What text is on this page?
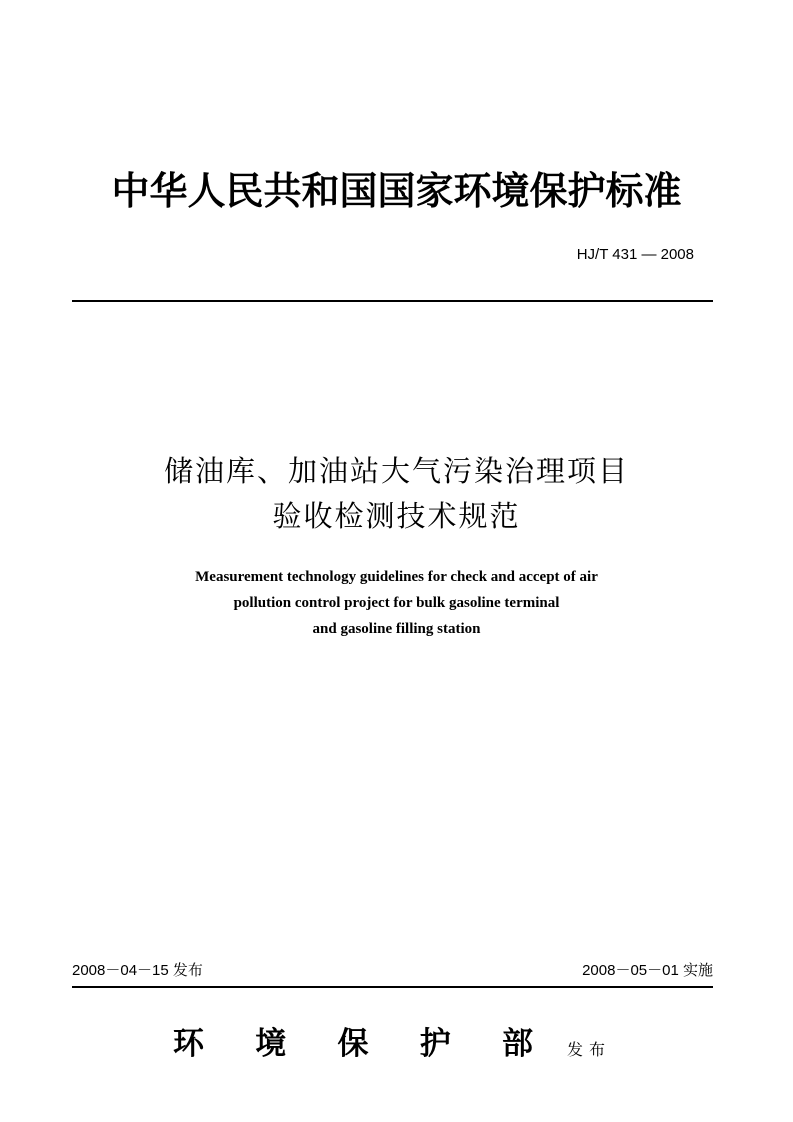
中华人民共和国国家环境保护标准
HJ/T 431 — 2008
储油库、加油站大气污染治理项目
验收检测技术规范
Measurement technology guidelines for check and accept of air
pollution control project for bulk gasoline terminal
and gasoline filling station
2008－04－15 发布	2008－05－01 实施
环 境 保 护 部 发布
